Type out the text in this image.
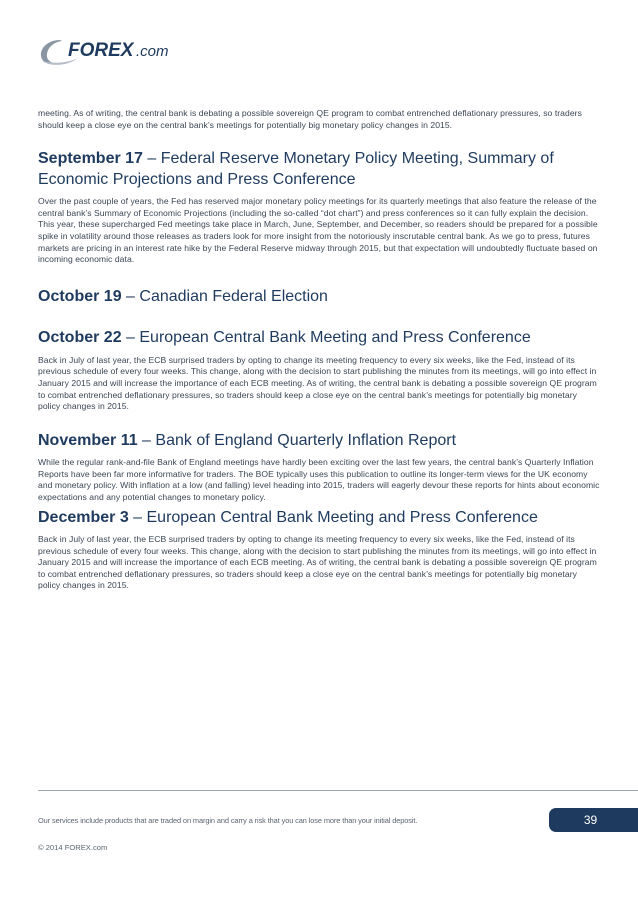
FOREX .com

meeting. As of writing, the central bank is debating a possible sovereign QE program to combat entrenched deflationary pressures, so traders should keep a close eye on the central bank’s meetings for potentially big monetary policy changes in 2015.

September 17 – Federal Reserve Monetary Policy Meeting, Summary of Economic Projections and Press Conference

Over the past couple of years, the Fed has reserved major monetary policy meetings for its quarterly meetings that also feature the release of the central bank’s Summary of Economic Projections (including the so-called “dot chart”) and press conferences so it can fully explain the decision. This year, these supercharged Fed meetings take place in March, June, September, and December, so readers should be prepared for a possible spike in volatility around those releases as traders look for more insight from the notoriously inscrutable central bank. As we go to press, futures markets are pricing in an interest rate hike by the Federal Reserve midway through 2015, but that expectation will undoubtedly fluctuate based on incoming economic data.

October 19 – Canadian Federal Election
October 22 – European Central Bank Meeting and Press Conference

Back in July of last year, the ECB surprised traders by opting to change its meeting frequency to every six weeks, like the Fed, instead of its previous schedule of every four weeks. This change, along with the decision to start publishing the minutes from its meetings, will go into effect in January 2015 and will increase the importance of each ECB meeting. As of writing, the central bank is debating a possible sovereign QE program to combat entrenched deflationary pressures, so traders should keep a close eye on the central bank’s meetings for potentially big monetary policy changes in 2015.

November 11 – Bank of England Quarterly Inflation Report

While the regular rank-and-file Bank of England meetings have hardly been exciting over the last few years, the central bank’s Quarterly Inflation Reports have been far more informative for traders. The BOE typically uses this publication to outline its longer-term views for the UK economy and monetary policy. With inflation at a low (and falling) level heading into 2015, traders will eagerly devour these reports for hints about economic expectations and any potential changes to monetary policy.

December 3 – European Central Bank Meeting and Press Conference

Back in July of last year, the ECB surprised traders by opting to change its meeting frequency to every six weeks, like the Fed, instead of its previous schedule of every four weeks. This change, along with the decision to start publishing the minutes from its meetings, will go into effect in January 2015 and will increase the importance of each ECB meeting. As of writing, the central bank is debating a possible sovereign QE program to combat entrenched deflationary pressures, so traders should keep a close eye on the central bank’s meetings for potentially big monetary policy changes in 2015.

Our services include products that are traded on margin and carry a risk that you can lose more than your initial deposit.	39
© 2014 FOREX.com
